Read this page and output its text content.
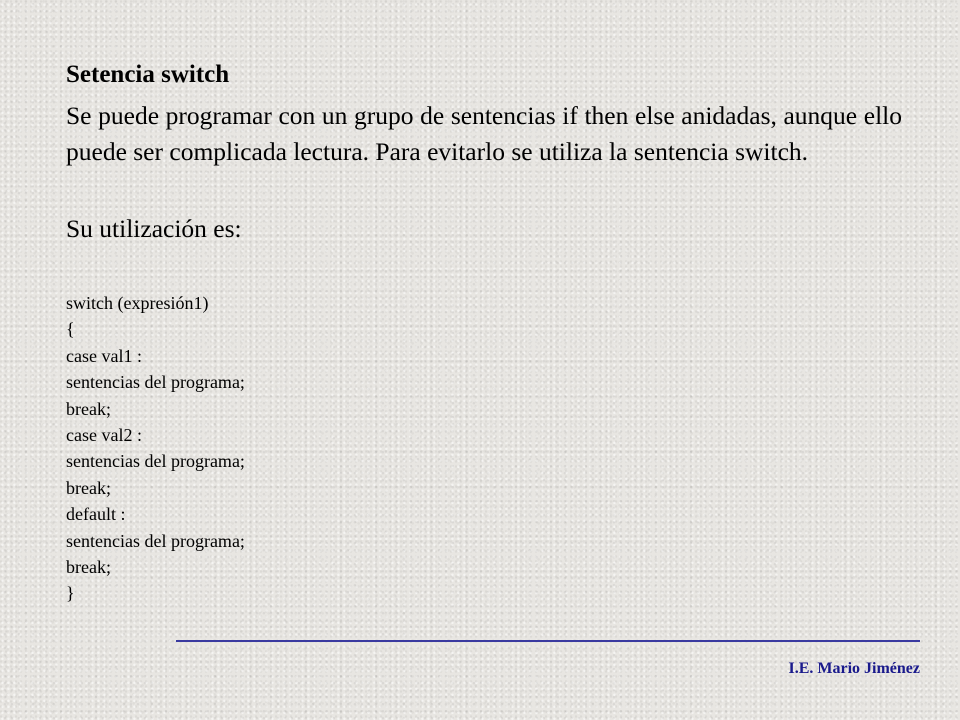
Setencia switch

Se puede programar con un grupo de sentencias if then else anidadas, aunque ello puede ser complicada lectura. Para evitarlo se utiliza la sentencia switch.

Su utilización es:

switch (expresión1)
{
case val1 :
sentencias del programa;
break;
case val2 :
sentencias del programa;
break;
default :
sentencias del programa;
break;
}

I.E. Mario Jiménez
